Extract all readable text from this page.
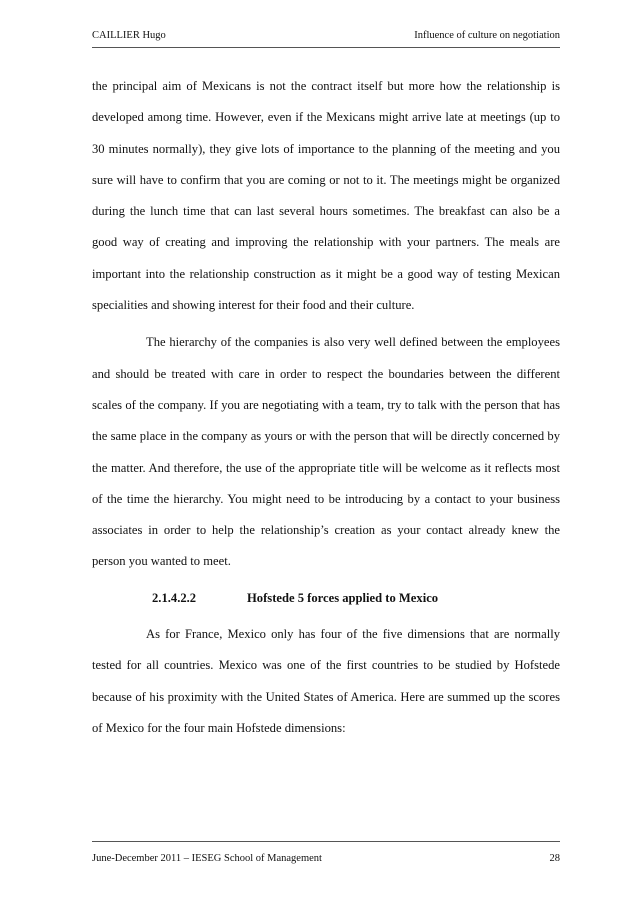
CAILLIER Hugo	Influence of culture on negotiation

the principal aim of Mexicans is not the contract itself but more how the relationship is developed among time. However, even if the Mexicans might arrive late at meetings (up to 30 minutes normally), they give lots of importance to the planning of the meeting and you sure will have to confirm that you are coming or not to it. The meetings might be organized during the lunch time that can last several hours sometimes. The breakfast can also be a good way of creating and improving the relationship with your partners. The meals are important into the relationship construction as it might be a good way of testing Mexican specialities and showing interest for their food and their culture.

The hierarchy of the companies is also very well defined between the employees and should be treated with care in order to respect the boundaries between the different scales of the company. If you are negotiating with a team, try to talk with the person that has the same place in the company as yours or with the person that will be directly concerned by the matter. And therefore, the use of the appropriate title will be welcome as it reflects most of the time the hierarchy. You might need to be introducing by a contact to your business associates in order to help the relationship’s creation as your contact already knew the person you wanted to meet.

2.1.4.2.2	Hofstede 5 forces applied to Mexico

As for France, Mexico only has four of the five dimensions that are normally tested for all countries. Mexico was one of the first countries to be studied by Hofstede because of his proximity with the United States of America. Here are summed up the scores of Mexico for the four main Hofstede dimensions:

June-December 2011 – IESEG School of Management	28
